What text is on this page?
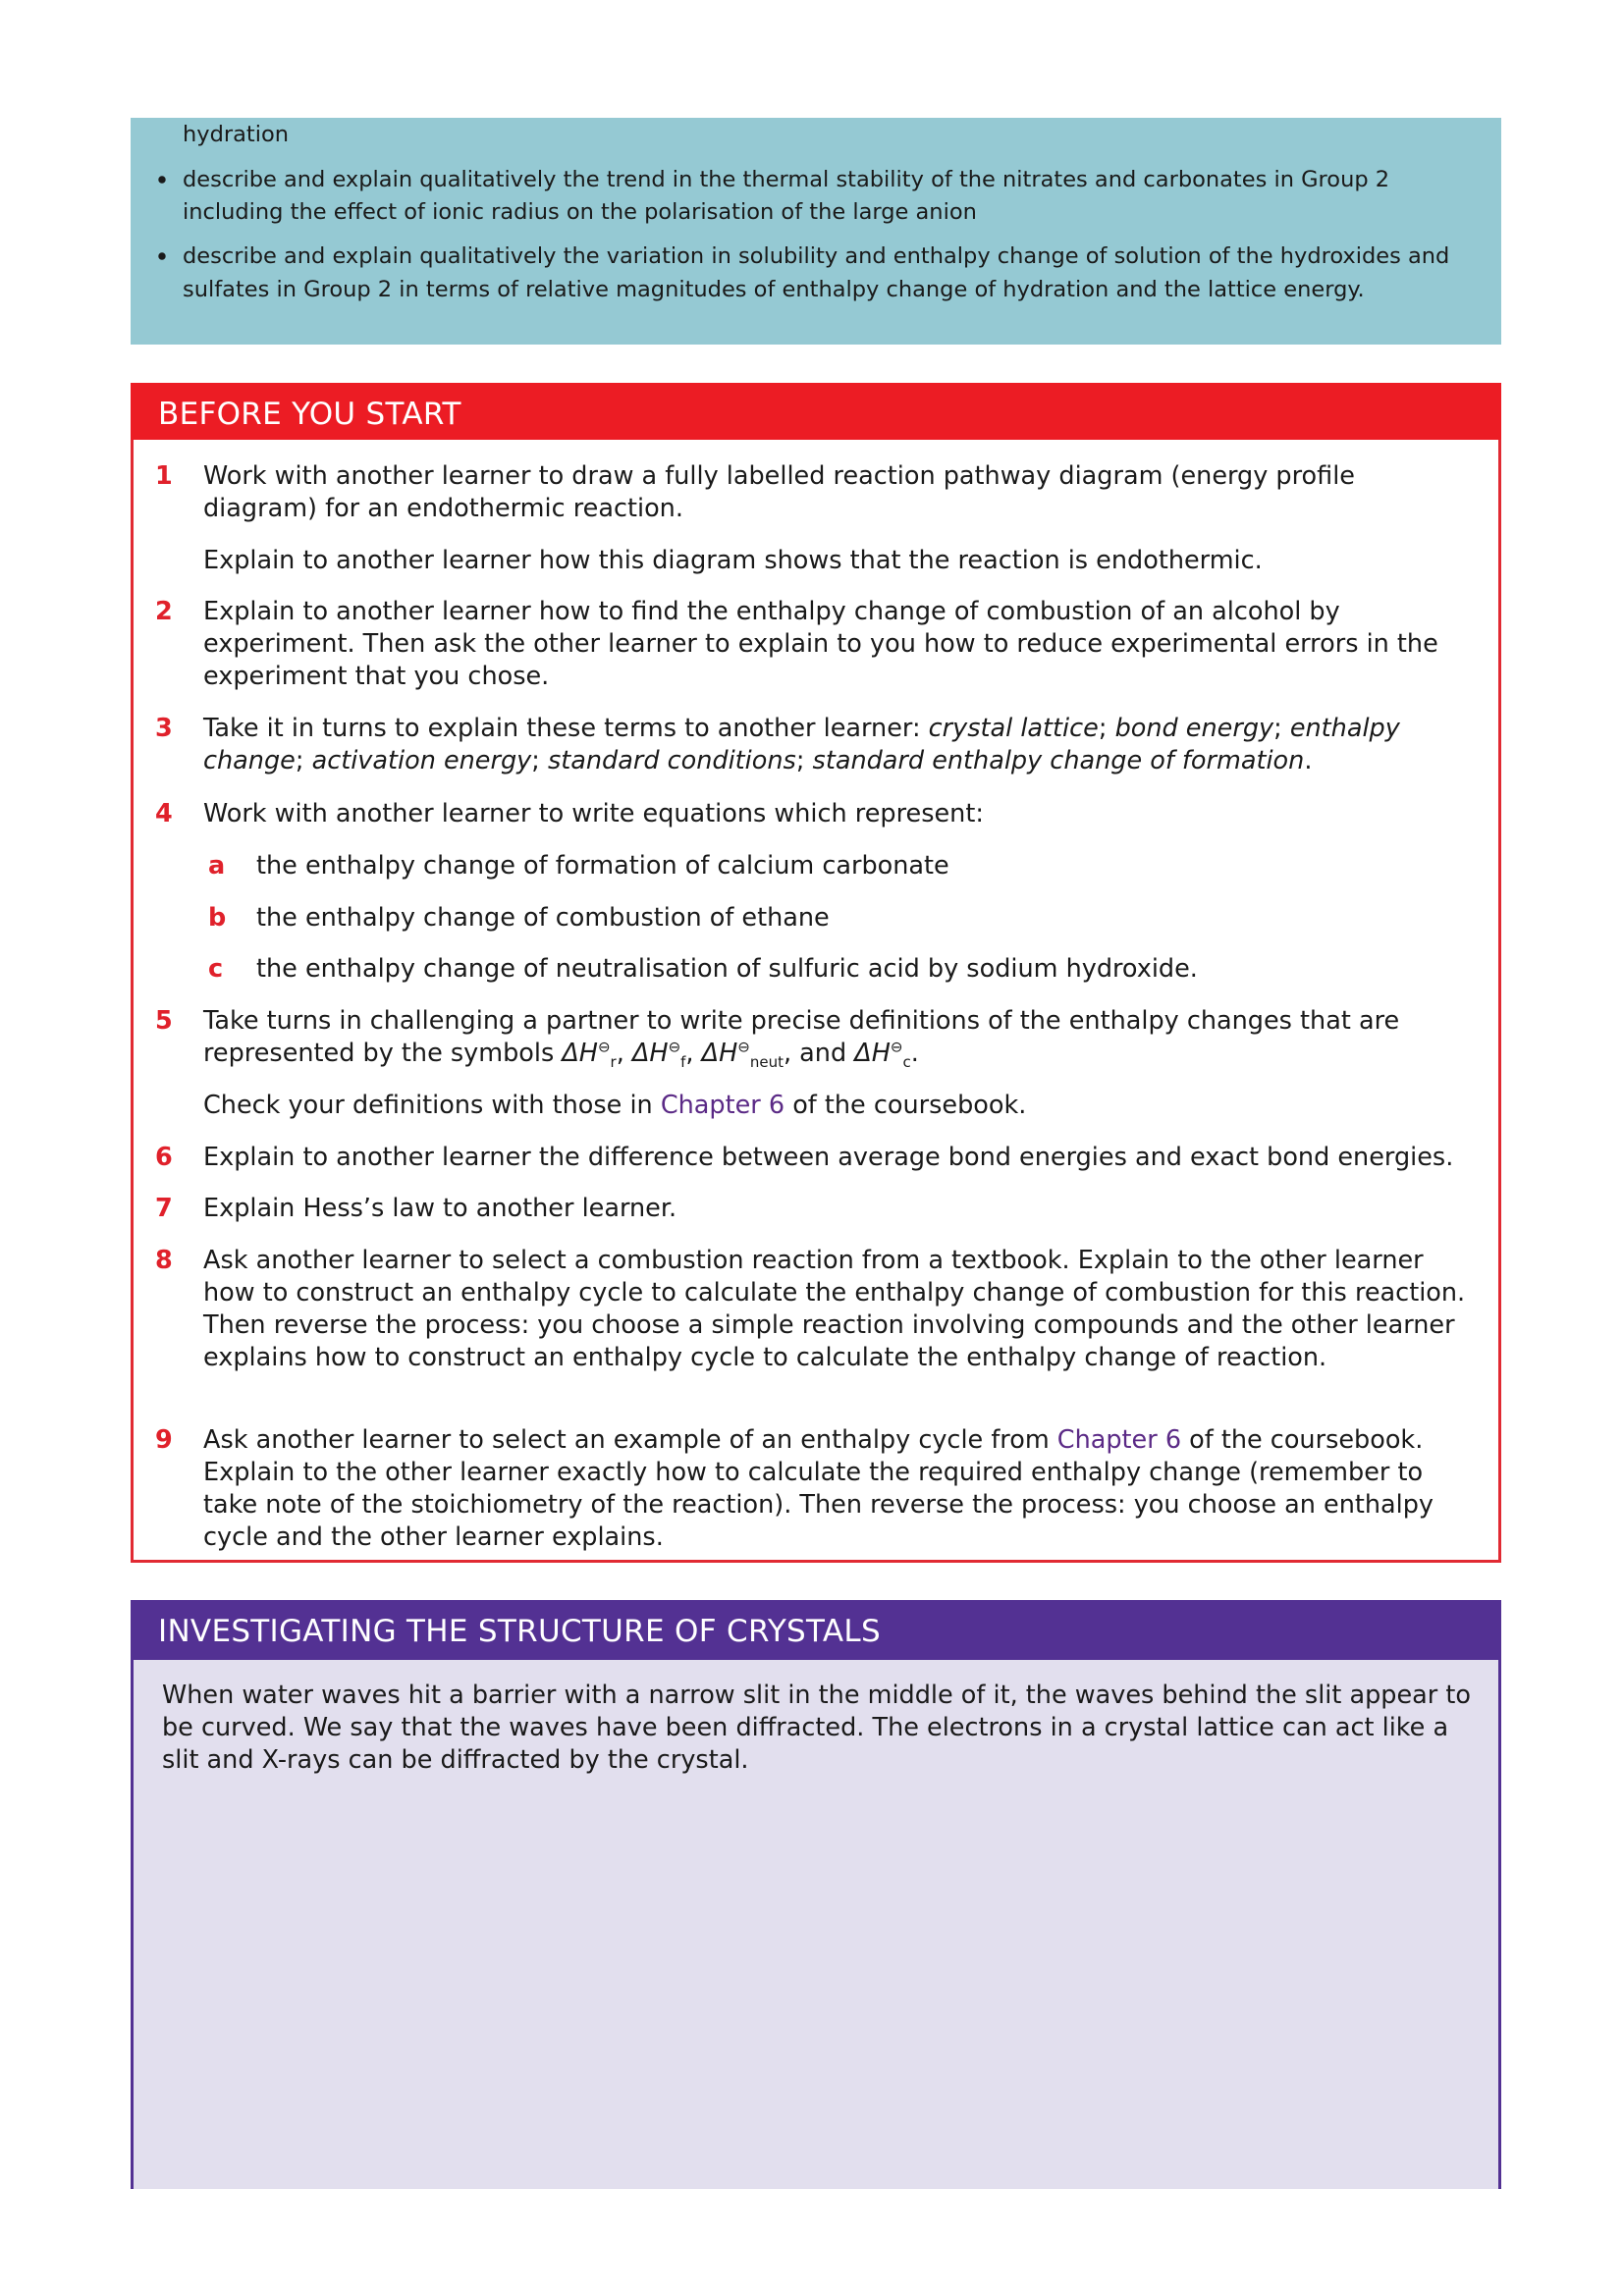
hydration
describe and explain qualitatively the trend in the thermal stability of the nitrates and carbonates in Group 2
including the effect of ionic radius on the polarisation of the large anion
describe and explain qualitatively the variation in solubility and enthalpy change of solution of the hydroxides and
sulfates in Group 2 in terms of relative magnitudes of enthalpy change of hydration and the lattice energy.
BEFORE YOU START
1 Work with another learner to draw a fully labelled reaction pathway diagram (energy profile diagram) for an endothermic reaction.
Explain to another learner how this diagram shows that the reaction is endothermic.
2 Explain to another learner how to find the enthalpy change of combustion of an alcohol by experiment. Then ask the other learner to explain to you how to reduce experimental errors in the experiment that you chose.
3 Take it in turns to explain these terms to another learner: crystal lattice; bond energy; enthalpy change; activation energy; standard conditions; standard enthalpy change of formation.
4 Work with another learner to write equations which represent:
a the enthalpy change of formation of calcium carbonate
b the enthalpy change of combustion of ethane
c the enthalpy change of neutralisation of sulfuric acid by sodium hydroxide.
5 Take turns in challenging a partner to write precise definitions of the enthalpy changes that are represented by the symbols $\Delta H^⊖_r$, $\Delta H^⊖_f$, $\Delta H^⊖_{neut}$, and $\Delta H^⊖_c$.
Check your definitions with those in Chapter 6 of the coursebook.
6 Explain to another learner the difference between average bond energies and exact bond energies.
7 Explain Hess’s law to another learner.
8 Ask another learner to select a combustion reaction from a textbook. Explain to the other learner how to construct an enthalpy cycle to calculate the enthalpy change of combustion for this reaction. Then reverse the process: you choose a simple reaction involving compounds and the other learner explains how to construct an enthalpy cycle to calculate the enthalpy change of reaction.
9 Ask another learner to select an example of an enthalpy cycle from Chapter 6 of the coursebook. Explain to the other learner exactly how to calculate the required enthalpy change (remember to take note of the stoichiometry of the reaction). Then reverse the process: you choose an enthalpy cycle and the other learner explains.
INVESTIGATING THE STRUCTURE OF CRYSTALS
When water waves hit a barrier with a narrow slit in the middle of it, the waves behind the slit appear to be curved. We say that the waves have been diffracted. The electrons in a crystal lattice can act like a slit and X-rays can be diffracted by the crystal.
